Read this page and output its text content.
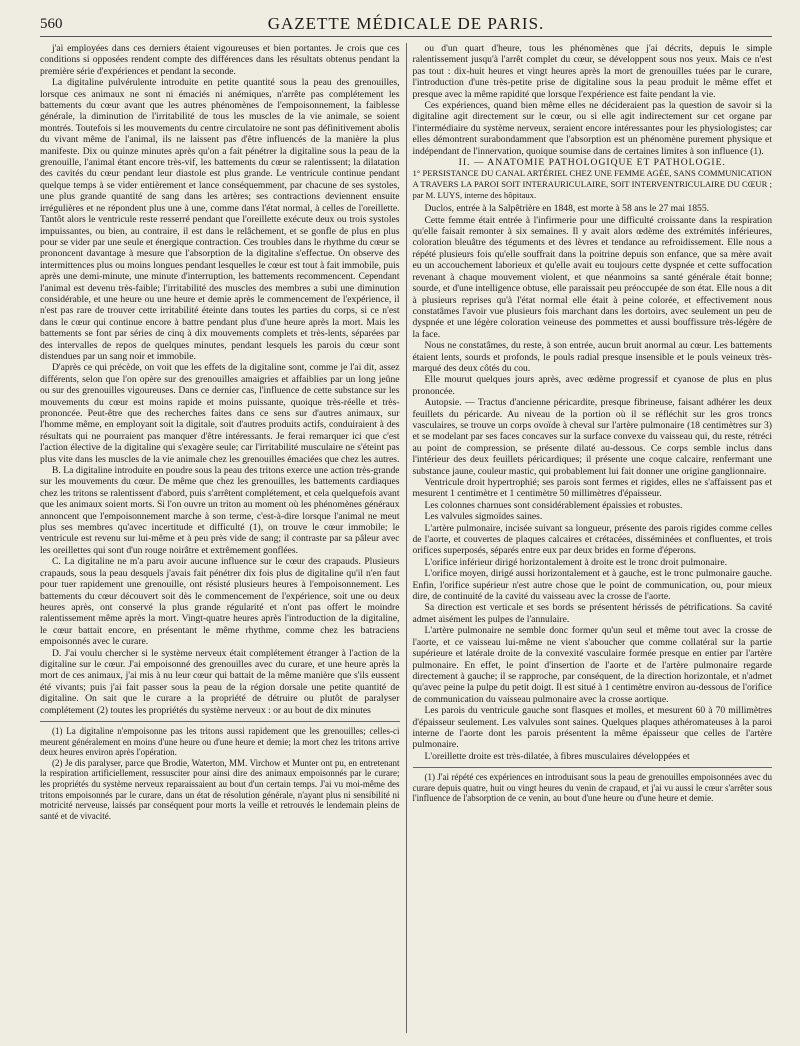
560	GAZETTE MÉDICALE DE PARIS.

j'ai employées dans ces derniers étaient vigoureuses et bien portantes. Je crois que ces conditions si opposées rendent compte des différences dans les résultats obtenus pendant la première série d'expériences et pendant la seconde.

La digitaline pulvérulente introduite en petite quantité sous la peau des grenouilles, lorsque ces animaux ne sont ni émaciés ni anémiques, n'arrête pas complétement les battements du cœur avant que les autres phénomènes de l'empoisonnement, la faiblesse générale, la diminution de l'irritabilité de tous les muscles de la vie animale, se soient montrés. Toutefois si les mouvements du centre circulatoire ne sont pas définitivement abolis du vivant même de l'animal, ils ne laissent pas d'être influencés de la manière la plus manifeste. Dix ou quinze minutes après qu'on a fait pénétrer la digitaline sous la peau de la grenouille, l'animal étant encore très-vif, les battements du cœur se ralentissent; la dilatation des cavités du cœur pendant leur diastole est plus grande. Le ventricule continue pendant quelque temps à se vider entièrement et lance conséquemment, par chacune de ses systoles, une plus grande quantité de sang dans les artères; ses contractions deviennent ensuite irrégulières et ne répondent plus une à une, comme dans l'état normal, à celles de l'oreillette. Tantôt alors le ventricule reste resserré pendant que l'oreillette exécute deux ou trois systoles impuissantes, ou bien, au contraire, il est dans le relâchement, et se gonfle de plus en plus pour se vider par une seule et énergique contraction. Ces troubles dans le rhythme du cœur se prononcent davantage à mesure que l'absorption de la digitaline s'effectue. On observe des intermittences plus ou moins longues pendant lesquelles le cœur est tout à fait immobile, puis après une demi-minute, une minute d'interruption, les battements recommencent. Cependant l'animal est devenu très-faible; l'irritabilité des muscles des membres a subi une diminution considérable, et une heure ou une heure et demie après le commencement de l'expérience, il n'est pas rare de trouver cette irritabilité éteinte dans toutes les parties du corps, si ce n'est dans le cœur qui continue encore à battre pendant plus d'une heure après la mort. Mais les battements se font par séries de cinq à dix mouvements complets et très-lents, séparées par des intervalles de repos de quelques minutes, pendant lesquels les parois du cœur sont distendues par un sang noir et immobile.

D'après ce qui précède, on voit que les effets de la digitaline sont, comme je l'ai dit, assez différents, selon que l'on opère sur des grenouilles amaigries et affaiblies par un long jeûne ou sur des grenouilles vigoureuses. Dans ce dernier cas, l'influence de cette substance sur les mouvements du cœur est moins rapide et moins puissante, quoique très-réelle et très-prononcée. Peut-être que des recherches faites dans ce sens sur d'autres animaux, sur l'homme même, en employant soit la digitale, soit d'autres produits actifs, conduiraient à des résultats qui ne pourraient pas manquer d'être intéressants. Je ferai remarquer ici que c'est l'action élective de la digitaline qui s'exagère seule; car l'irritabilité musculaire ne s'éteint pas plus vite dans les muscles de la vie animale chez les grenouilles émaciées que chez les autres.

B. La digitaline introduite en poudre sous la peau des tritons exerce une action très-grande sur les mouvements du cœur. De même que chez les grenouilles, les battements cardiaques chez les tritons se ralentissent d'abord, puis s'arrêtent complétement, et cela quelquefois avant que les animaux soient morts. Si l'on ouvre un triton au moment où les phénomènes généraux annoncent que l'empoisonnement marche à son terme, c'est-à-dire lorsque l'animal ne meut plus ses membres qu'avec incertitude et difficulté (1), on trouve le cœur immobile; le ventricule est revenu sur lui-même et à peu près vide de sang; il contraste par sa pâleur avec les oreillettes qui sont d'un rouge noirâtre et extrêmement gonflées.

C. La digitaline ne m'a paru avoir aucune influence sur le cœur des crapauds. Plusieurs crapauds, sous la peau desquels j'avais fait pénétrer dix fois plus de digitaline qu'il n'en faut pour tuer rapidement une grenouille, ont résisté plusieurs heures à l'empoisonnement. Les battements du cœur découvert soit dès le commencement de l'expérience, soit une ou deux heures après, ont conservé la plus grande régularité et n'ont pas offert le moindre ralentissement même après la mort. Vingt-quatre heures après l'introduction de la digitaline, le cœur battait encore, en présentant le même rhythme, comme chez les batraciens empoisonnés avec le curare.

D. J'ai voulu chercher si le système nerveux était complétement étranger à l'action de la digitaline sur le cœur. J'ai empoisonné des grenouilles avec du curare, et une heure après la mort de ces animaux, j'ai mis à nu leur cœur qui battait de la même manière que s'ils eussent été vivants; puis j'ai fait passer sous la peau de la région dorsale une petite quantité de digitaline. On sait que le curare a la propriété de détruire ou plutôt de paralyser complétement (2) toutes les propriétés du système nerveux : or au bout de dix minutes

(1) La digitaline n'empoisonne pas les tritons aussi rapidement que les grenouilles; celles-ci meurent généralement en moins d'une heure ou d'une heure et demie; la mort chez les tritons arrive deux heures environ après l'opération.

(2) Je dis paralyser, parce que Brodie, Waterton, MM. Virchow et Munter ont pu, en entretenant la respiration artificiellement, ressusciter pour ainsi dire des animaux empoisonnés par le curare; les propriétés du système nerveux reparaissaient au bout d'un certain temps. J'ai vu moi-même des tritons empoisonnés par le curare, dans un état de résolution générale, n'ayant plus ni sensibilité ni motricité nerveuse, laissés par conséquent pour morts la veille et retrouvés le lendemain pleins de santé et de vivacité.

ou d'un quart d'heure, tous les phénomènes que j'ai décrits, depuis le simple ralentissement jusqu'à l'arrêt complet du cœur, se développent sous nos yeux. Mais ce n'est pas tout : dix-huit heures et vingt heures après la mort de grenouilles tuées par le curare, l'introduction d'une très-petite prise de digitaline sous la peau produit le même effet et presque avec la même rapidité que lorsque l'expérience est faite pendant la vie.

Ces expériences, quand bien même elles ne décideraient pas la question de savoir si la digitaline agit directement sur le cœur, ou si elle agit indirectement sur cet organe par l'intermédiaire du système nerveux, seraient encore intéressantes pour les physiologistes; car elles démontrent surabondamment que l'absorption est un phénomène purement physique et indépendant de l'innervation, quoique soumise dans de certaines limites à son influence (1).

II. — ANATOMIE PATHOLOGIQUE ET PATHOLOGIE.

1° PERSISTANCE DU CANAL ARTÉRIEL CHEZ UNE FEMME AGÉE, SANS COMMUNICATION A TRAVERS LA PAROI SOIT INTERAURICULAIRE, SOIT INTERVENTRICULAIRE DU CŒUR ; par M. LUYS, interne des hôpitaux.

Duclos, entrée à la Salpêtrière en 1848, est morte à 58 ans le 27 mai 1855.

Cette femme était entrée à l'infirmerie pour une difficulté croissante dans la respiration qu'elle faisait remonter à six semaines. Il y avait alors œdème des extrémités inférieures, coloration bleuâtre des téguments et des lèvres et tendance au refroidissement. Elle nous a répété plusieurs fois qu'elle souffrait dans la poitrine depuis son enfance, que sa mère avait eu un accouchement laborieux et qu'elle avait eu toujours cette dyspnée et cette suffocation revenant à chaque mouvement violent, et que néanmoins sa santé générale était bonne; sourde, et d'une intelligence obtuse, elle paraissait peu préoccupée de son état. Elle nous a dit à plusieurs reprises qu'à l'état normal elle était à peine colorée, et effectivement nous constatâmes l'avoir vue plusieurs fois marchant dans les dortoirs, avec seulement un peu de dyspnée et une légère coloration veineuse des pommettes et aussi bouffissure très-légère de la face.

Nous ne constatâmes, du reste, à son entrée, aucun bruit anormal au cœur. Les battements étaient lents, sourds et profonds, le pouls radial presque insensible et le pouls veineux très-marqué des deux côtés du cou.

Elle mourut quelques jours après, avec œdème progressif et cyanose de plus en plus prononcée.

Autopsie. — Tractus d'ancienne péricardite, presque fibrineuse, faisant adhérer les deux feuillets du péricarde. Au niveau de la portion où il se réfléchit sur les gros troncs vasculaires, se trouve un corps ovoïde à cheval sur l'artère pulmonaire (18 centimètres sur 3) et se modelant par ses faces concaves sur la surface convexe du vaisseau qui, du reste, rétréci au point de compression, se présente dilaté au-dessous. Ce corps semble inclus dans l'intérieur des deux feuillets péricardiques; il présente une coque calcaire, renfermant une substance jaune, couleur mastic, qui probablement lui fait donner une origine ganglionnaire.

Ventricule droit hypertrophié; ses parois sont fermes et rigides, elles ne s'affaissent pas et mesurent 1 centimètre et 1 centimètre 50 millimètres d'épaisseur.

Les colonnes charnues sont considérablement épaissies et robustes.

Les valvules sigmoïdes saines.

L'artère pulmonaire, incisée suivant sa longueur, présente des parois rigides comme celles de l'aorte, et couvertes de plaques calcaires et crétacées, disséminées et confluentes, et trois orifices superposés, séparés entre eux par deux brides en forme d'éperons.

L'orifice inférieur dirigé horizontalement à droite est le tronc droit pulmonaire.

L'orifice moyen, dirigé aussi horizontalement et à gauche, est le tronc pulmonaire gauche. Enfin, l'orifice supérieur n'est autre chose que le point de communication, ou, pour mieux dire, de continuité de la cavité du vaisseau avec la crosse de l'aorte.

Sa direction est verticale et ses bords se présentent hérissés de pétrifications. Sa cavité admet aisément les pulpes de l'annulaire.

L'artère pulmonaire ne semble donc former qu'un seul et même tout avec la crosse de l'aorte, et ce vaisseau lui-même ne vient s'aboucher que comme collatéral sur la partie supérieure et latérale droite de la convexité vasculaire formée presque en entier par l'artère pulmonaire. En effet, le point d'insertion de l'aorte et de l'artère pulmonaire regarde directement à gauche; il se rapproche, par conséquent, de la direction horizontale, et n'admet qu'avec peine la pulpe du petit doigt. Il est situé à 1 centimètre environ au-dessous de l'orifice de communication du vaisseau pulmonaire avec la crosse aortique.

Les parois du ventricule gauche sont flasques et molles, et mesurent 60 à 70 millimètres d'épaisseur seulement. Les valvules sont saines. Quelques plaques athéromateuses à la paroi interne de l'aorte dont les parois présentent la même épaisseur que celles de l'artère pulmonaire.

L'oreillette droite est très-dilatée, à fibres musculaires développées et

(1) J'ai répété ces expériences en introduisant sous la peau de grenouilles empoisonnées avec du curare depuis quatre, huit ou vingt heures du venin de crapaud, et j'ai vu aussi le cœur s'arrêter sous l'influence de l'absorption de ce venin, au bout d'une heure ou d'une heure et demie.
